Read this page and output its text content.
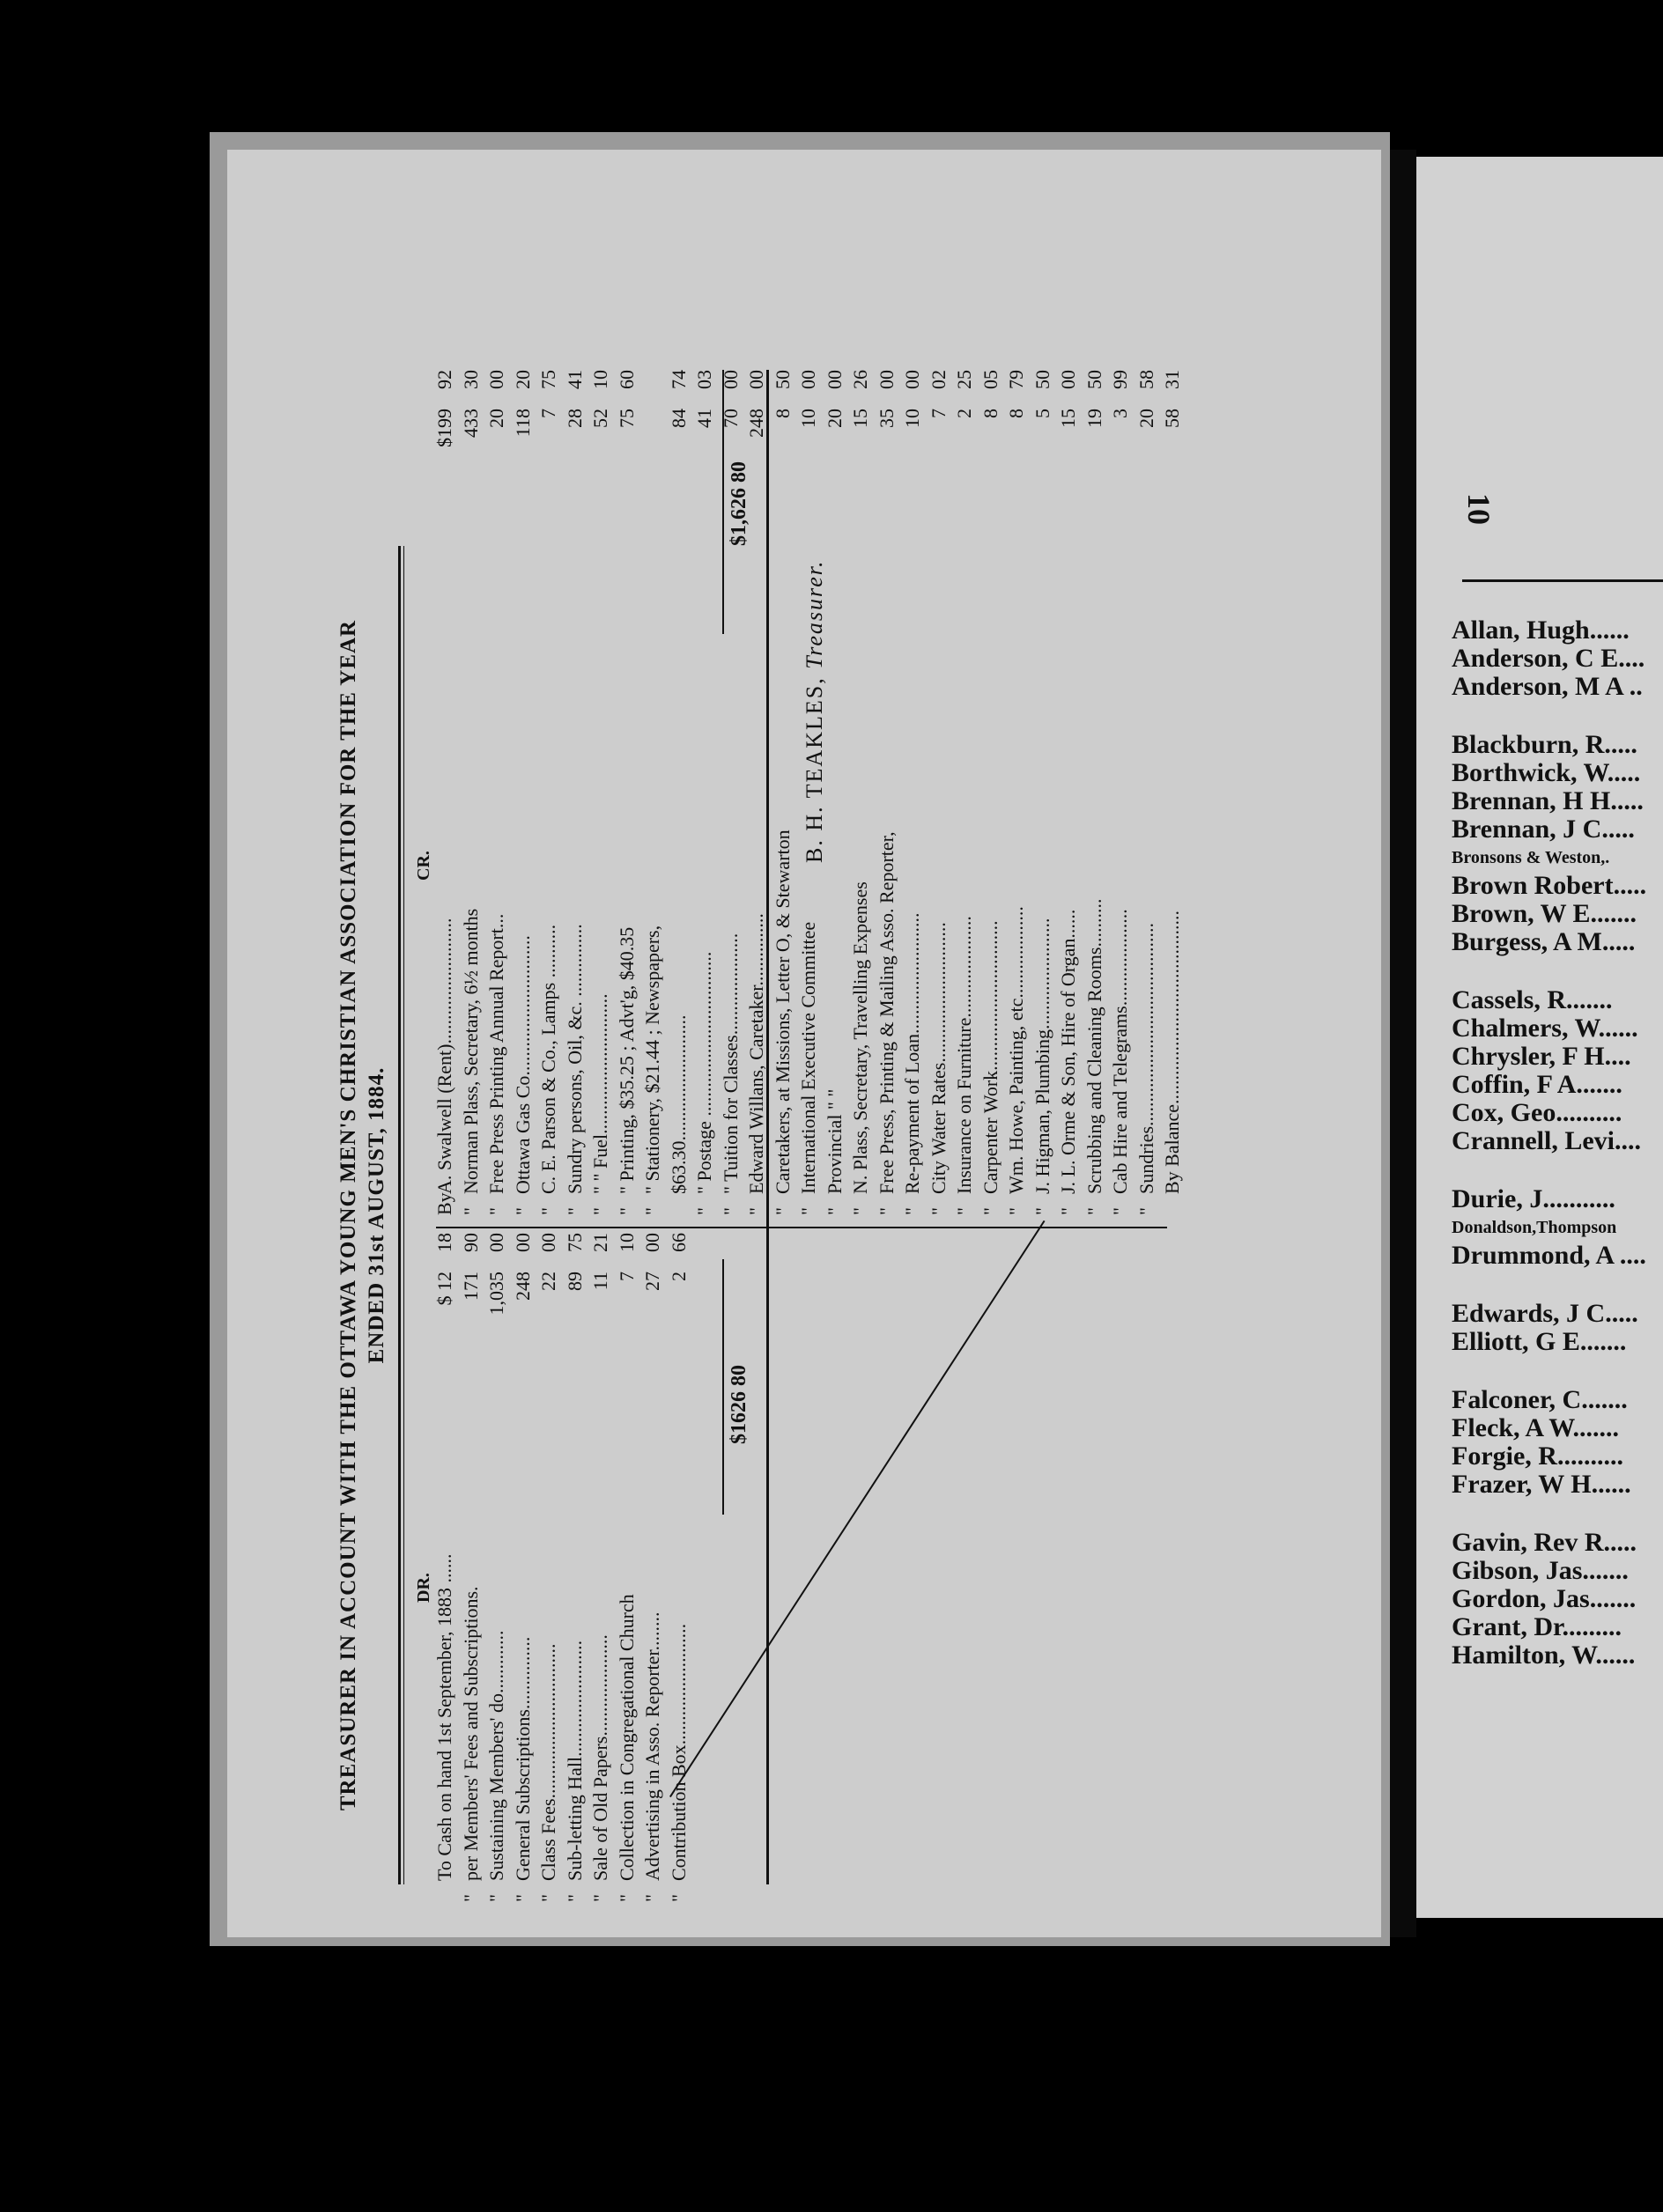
Allan, Hugh......
Anderson, C E....
Anderson, M A ..
Blackburn, R.....
Borthwick, W.....
Brennan, H H.....
Brennan, J C.....
Bronsons & Weston,.
Brown Robert.....
Brown, W E.......
Burgess, A M.....
Cassels, R.......
Chalmers, W......
Chrysler, F H....
Coffin, F A.......
Cox, Geo..........
Crannell, Levi....
Durie, J...........
Donaldson,Thompson
Drummond, A ....
Edwards, J C.....
Elliott, G E.......
Falconer, C.......
Fleck, A W.......
Forgie, R..........
Frazer, W H......
Gavin, Rev R.....
Gibson, Jas.......
Gordon, Jas.......
Grant, Dr.........
Hamilton, W......
10
TREASURER IN ACCOUNT WITH THE OTTAWA YOUNG MEN'S CHRISTIAN ASSOCIATION FOR THE YEAR ENDED 31st AUGUST, 1884.
DR.
CR.
To Cash on hand 1st September, 1883 ......
$ 12
18
"
per Members' Fees and Subscriptions.
171
90
"
Sustaining Members' do.............
1,035
00
"
General Subscriptions...............
248
00
"
Class Fees................................
22
00
"
Sub-letting Hall........................
89
75
"
Sale of Old Papers.....................
11
21
"
Collection in Congregational Church
7
10
"
Advertising in Asso. Reporter........
27
00
"
Contribution Box.........................
2
66
By
A. Swalwell (Rent)..........................
$199
92
"
Norman Plass, Secretary, 6½ months
433
30
"
Free Press Printing Annual Report...
20
00
"
Ottawa Gas Co.............................
118
20
"
C. E. Parson & Co., Lamps ...........
7
75
"
Sundry persons, Oil, &c. ...............
28
41
"
" " Fuel.............................
52
10
"
" Printing, $35.25 ; Advt'g, $40.35
75
60
"
" Stationery, $21.44 ; Newspapers, $63.30..........................
84
74
"
" Postage ..................................
41
03
"
" Tuition for Classes.....................
70
00
"
Edward Willans, Caretaker...............
248
00
"
Caretakers, at Missions, Letter O, & Stewarton
8
50
"
International Executive Committee
10
00
"
Provincial " "
20
00
"
N. Plass, Secretary, Travelling Expenses
15
26
"
Free Press, Printing & Mailing Asso. Reporter,
35
00
"
Re-payment of Loan.........................
10
00
"
City Water Rates.............................
7
02
"
Insurance on Furniture.....................
2
25
"
Carpenter Work...............................
8
05
"
Wm. Howe, Painting, etc...................
8
79
"
J. Higman, Plumbing.......................
5
50
"
J. L. Orme & Son, Hire of Organ......
15
00
"
Scrubbing and Cleaning Rooms..........
19
50
"
Cab Hire and Telegrams....................
3
99
"
Sundries..........................................
20
58
By Balance........................................
58
31
$1626 80
$1,626 80
B. H. TEAKLES, Treasurer.
